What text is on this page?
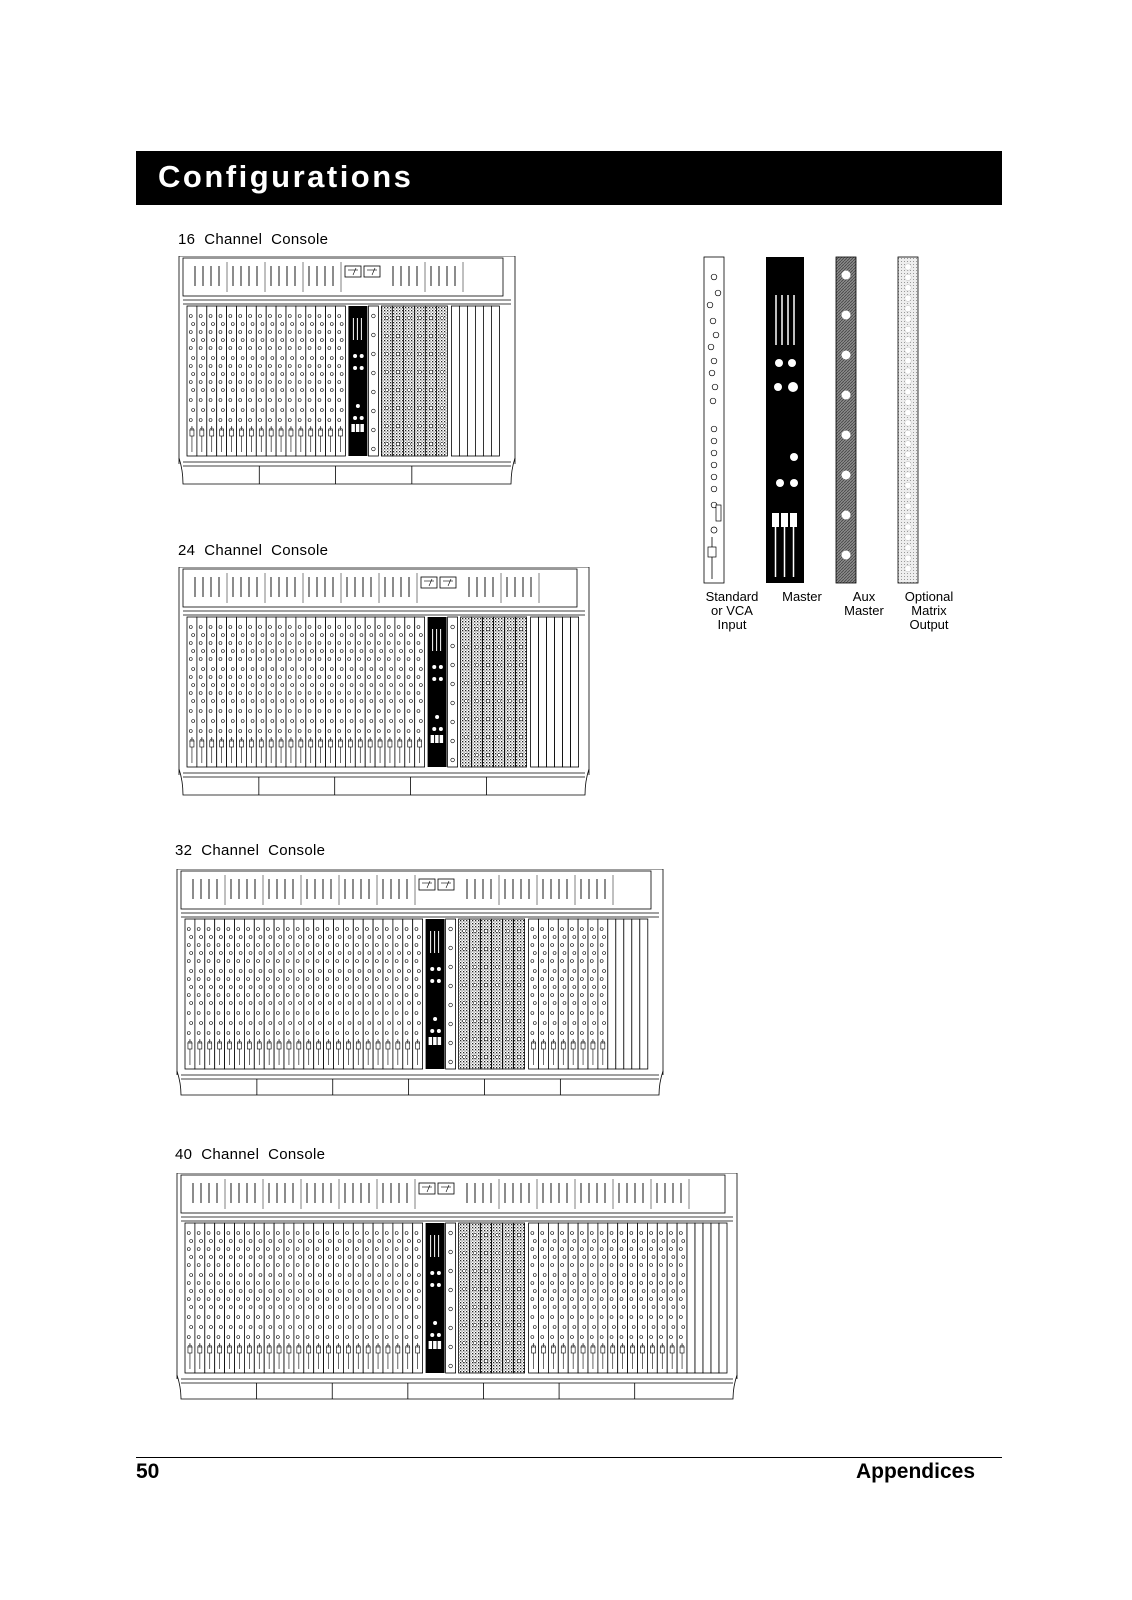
Configurations
16  Channel  Console
24  Channel  Console
32  Channel  Console
40  Channel  Console
Standard
or VCA
Input
Master	Aux
Master
Optional
Matrix
Output
50	Appendices
